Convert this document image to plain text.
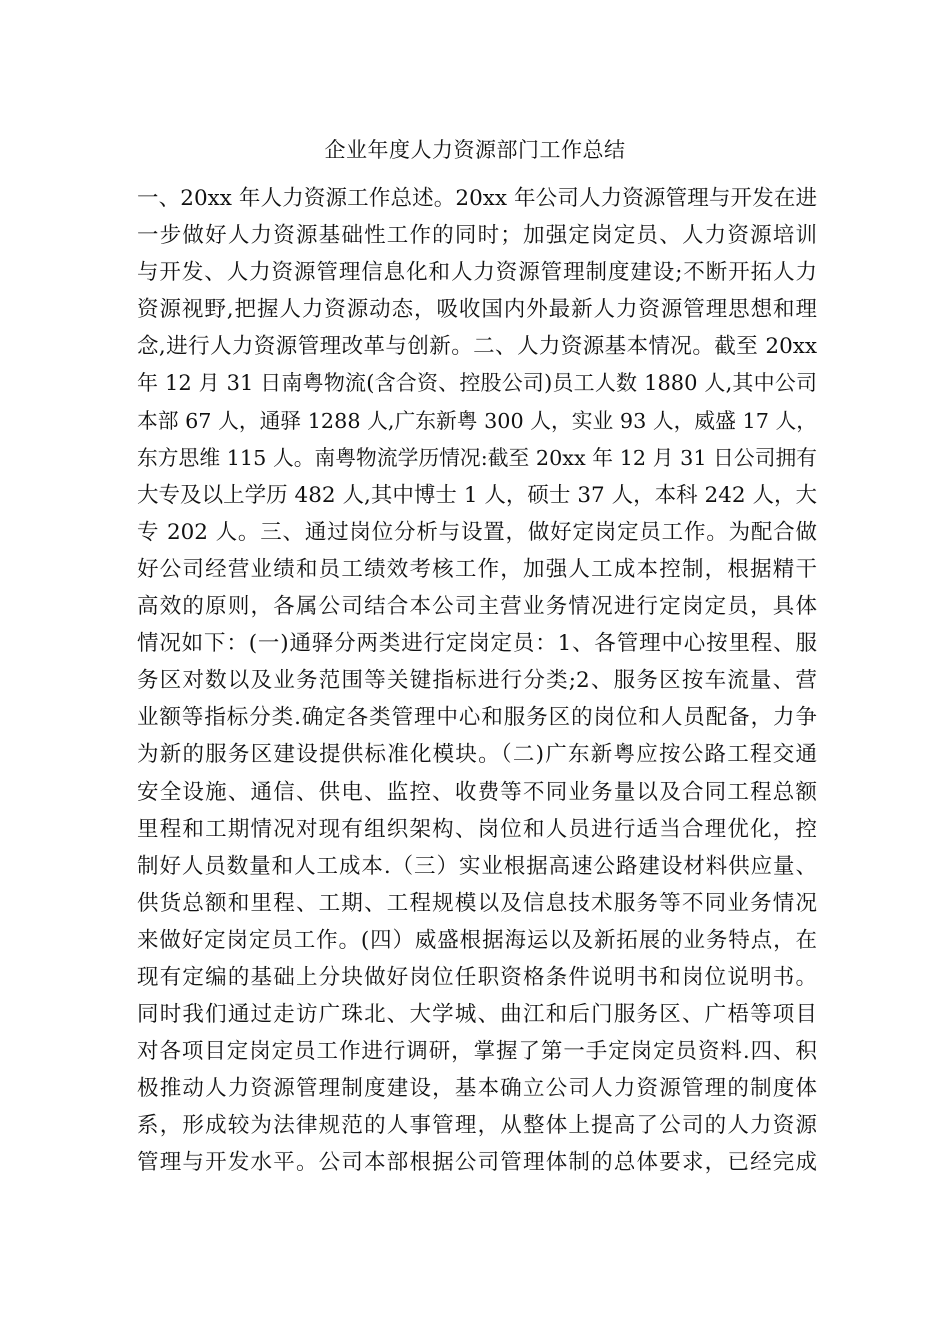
企业年度人力资源部门工作总结
一、20xx 年人力资源工作总述。20xx 年公司人力资源管理与开发在进
一步做好人力资源基础性工作的同时；加强定岗定员、人力资源培训
与开发、人力资源管理信息化和人力资源管理制度建设;不断开拓人力
资源视野,把握人力资源动态，吸收国内外最新人力资源管理思想和理
念,进行人力资源管理改革与创新。二、人力资源基本情况。截至 20xx
年 12 月 31 日南粤物流(含合资、控股公司)员工人数 1880 人,其中公司
本部 67 人，通驿 1288 人,广东新粤 300 人，实业 93 人，威盛 17 人，
东方思维 115 人。南粤物流学历情况:截至 20xx 年 12 月 31 日公司拥有
大专及以上学历 482 人,其中博士 1 人，硕士 37 人，本科 242 人，大
专 202 人。三、通过岗位分析与设置，做好定岗定员工作。为配合做
好公司经营业绩和员工绩效考核工作，加强人工成本控制，根据精干
高效的原则，各属公司结合本公司主营业务情况进行定岗定员，具体
情况如下：(一)通驿分两类进行定岗定员：1、各管理中心按里程、服
务区对数以及业务范围等关键指标进行分类;2、服务区按车流量、营
业额等指标分类.确定各类管理中心和服务区的岗位和人员配备，力争
为新的服务区建设提供标准化模块。（二)广东新粤应按公路工程交通
安全设施、通信、供电、监控、收费等不同业务量以及合同工程总额
里程和工期情况对现有组织架构、岗位和人员进行适当合理优化，控
制好人员数量和人工成本.（三）实业根据高速公路建设材料供应量、
供货总额和里程、工期、工程规模以及信息技术服务等不同业务情况
来做好定岗定员工作。(四）威盛根据海运以及新拓展的业务特点，在
现有定编的基础上分块做好岗位任职资格条件说明书和岗位说明书。
同时我们通过走访广珠北、大学城、曲江和后门服务区、广梧等项目
对各项目定岗定员工作进行调研，掌握了第一手定岗定员资料.四、积
极推动人力资源管理制度建设，基本确立公司人力资源管理的制度体
系，形成较为法律规范的人事管理，从整体上提高了公司的人力资源
管理与开发水平。公司本部根据公司管理体制的总体要求，已经完成
